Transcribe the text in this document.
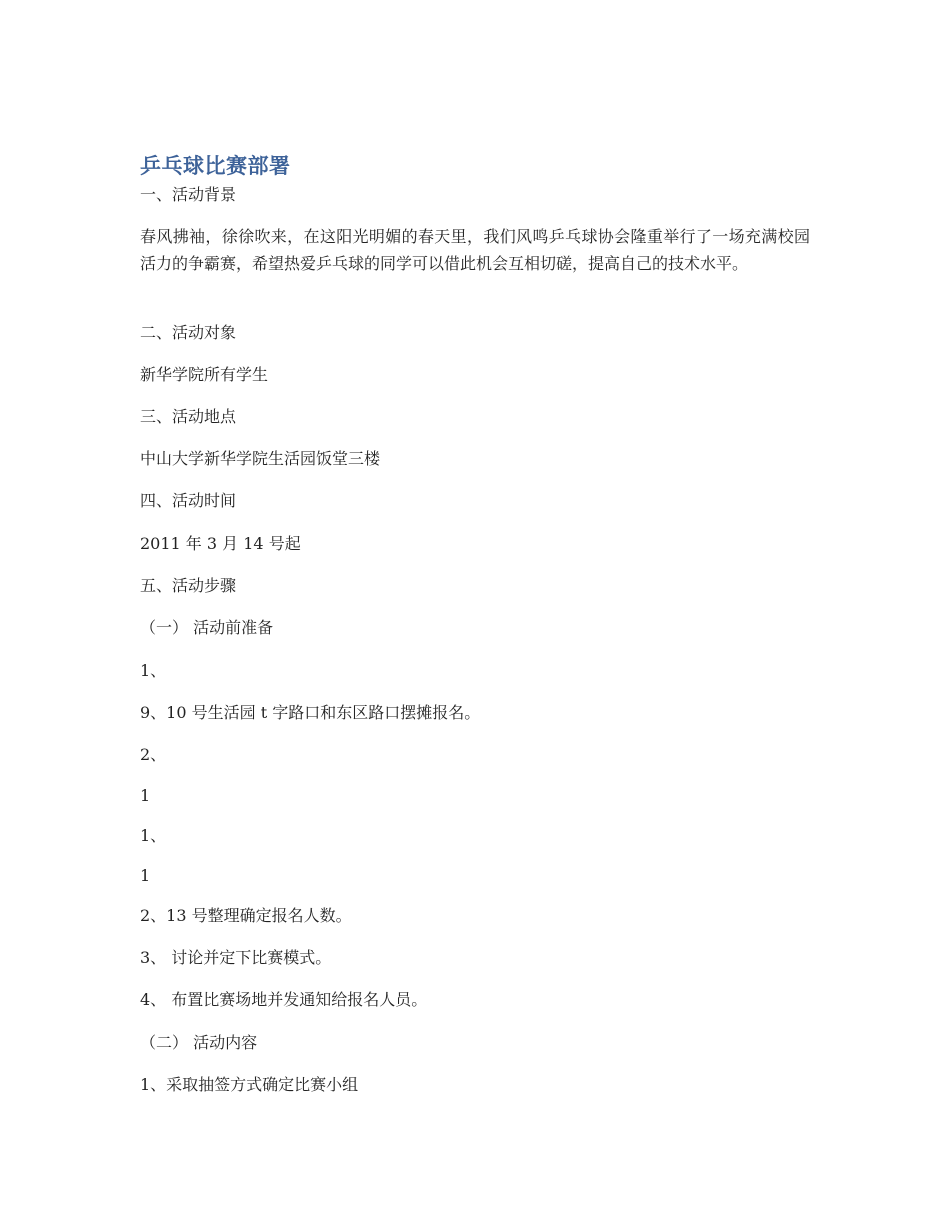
乒乓球比赛部署
一、活动背景
春风拂袖，徐徐吹来，在这阳光明媚的春天里，我们风鸣乒乓球协会隆重举行了一场充满校园活力的争霸赛，希望热爱乒乓球的同学可以借此机会互相切磋，提高自己的技术水平。
二、活动对象
新华学院所有学生
三、活动地点
中山大学新华学院生活园饭堂三楼
四、活动时间
2011 年 3 月 14 号起
五、活动步骤
（一） 活动前准备
1、
9、10 号生活园 t 字路口和东区路口摆摊报名。
2、
1
1、
1
2、13 号整理确定报名人数。
3、 讨论并定下比赛模式。
4、 布置比赛场地并发通知给报名人员。
（二） 活动内容
1、采取抽签方式确定比赛小组
